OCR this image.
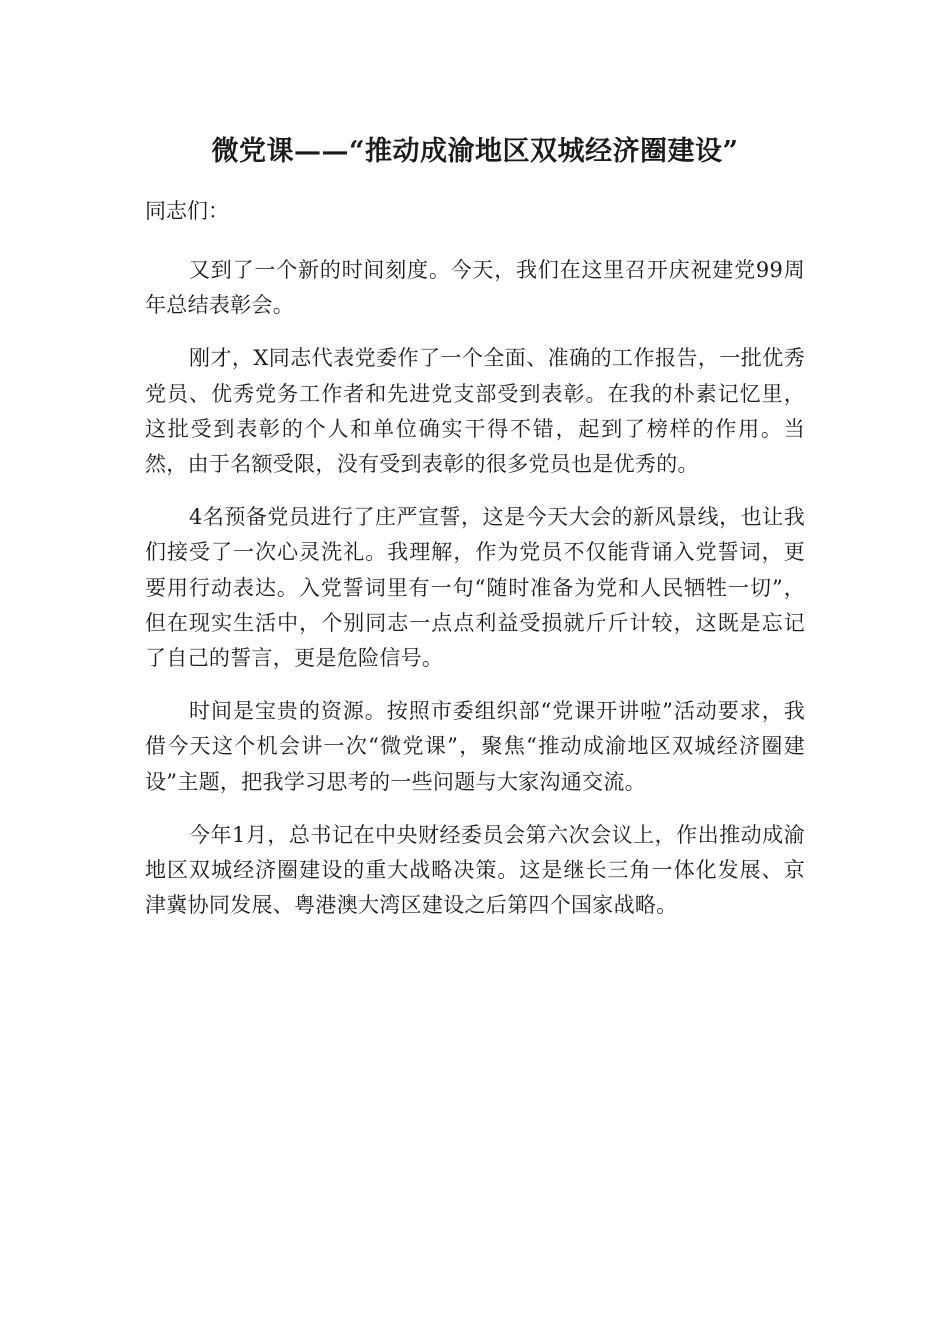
微党课——“推动成渝地区双城经济圈建设”

同志们：

又到了一个新的时间刻度。今天，我们在这里召开庆祝建党99周年总结表彰会。

刚才，X同志代表党委作了一个全面、准确的工作报告，一批优秀党员、优秀党务工作者和先进党支部受到表彰。在我的朴素记忆里，这批受到表彰的个人和单位确实干得不错，起到了榜样的作用。当然，由于名额受限，没有受到表彰的很多党员也是优秀的。

4名预备党员进行了庄严宣誓，这是今天大会的新风景线，也让我们接受了一次心灵洗礼。我理解，作为党员不仅能背诵入党誓词，更要用行动表达。入党誓词里有一句“随时准备为党和人民牺牲一切”，但在现实生活中，个别同志一点点利益受损就斤斤计较，这既是忘记了自己的誓言，更是危险信号。

时间是宝贵的资源。按照市委组织部“党课开讲啦”活动要求，我借今天这个机会讲一次“微党课”，聚焦“推动成渝地区双城经济圈建设”主题，把我学习思考的一些问题与大家沟通交流。

今年1月，总书记在中央财经委员会第六次会议上，作出推动成渝地区双城经济圈建设的重大战略决策。这是继长三角一体化发展、京津冀协同发展、粤港澳大湾区建设之后第四个国家战略。
